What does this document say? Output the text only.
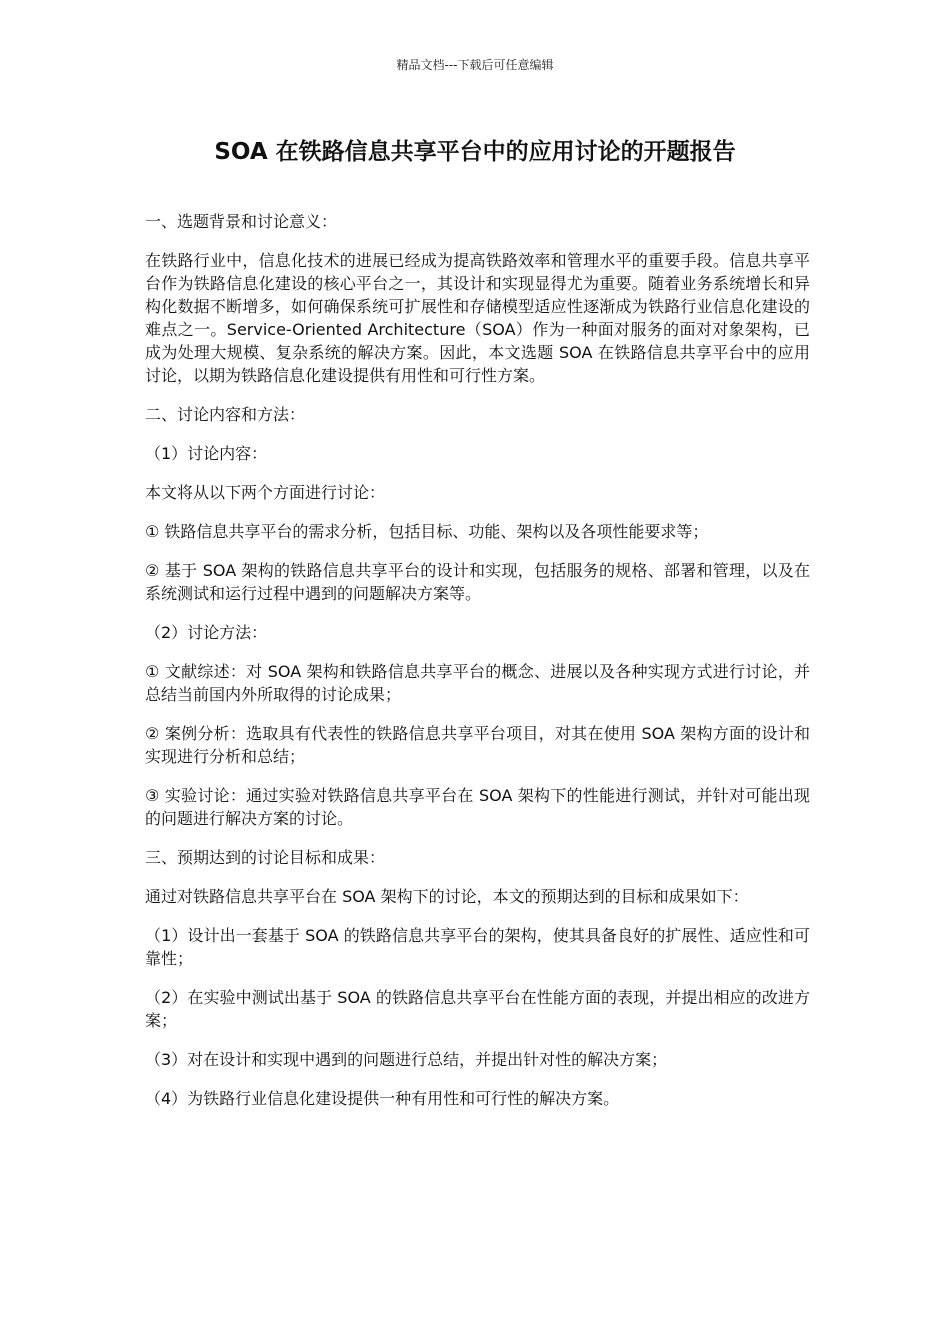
精品文档---下载后可任意编辑
SOA 在铁路信息共享平台中的应用讨论的开题报告

一、选题背景和讨论意义：

在铁路行业中，信息化技术的进展已经成为提高铁路效率和管理水平的重要手段。信息共享平台作为铁路信息化建设的核心平台之一，其设计和实现显得尤为重要。随着业务系统增长和异构化数据不断增多，如何确保系统可扩展性和存储模型适应性逐渐成为铁路行业信息化建设的难点之一。Service-Oriented Architecture（SOA）作为一种面对服务的面对对象架构，已成为处理大规模、复杂系统的解决方案。因此，本文选题 SOA 在铁路信息共享平台中的应用讨论，以期为铁路信息化建设提供有用性和可行性方案。

二、讨论内容和方法：

（1）讨论内容：

本文将从以下两个方面进行讨论：

① 铁路信息共享平台的需求分析，包括目标、功能、架构以及各项性能要求等；

② 基于 SOA 架构的铁路信息共享平台的设计和实现，包括服务的规格、部署和管理，以及在系统测试和运行过程中遇到的问题解决方案等。

（2）讨论方法：

① 文献综述：对 SOA 架构和铁路信息共享平台的概念、进展以及各种实现方式进行讨论，并总结当前国内外所取得的讨论成果；

② 案例分析：选取具有代表性的铁路信息共享平台项目，对其在使用 SOA 架构方面的设计和实现进行分析和总结；

③ 实验讨论：通过实验对铁路信息共享平台在 SOA 架构下的性能进行测试，并针对可能出现的问题进行解决方案的讨论。

三、预期达到的讨论目标和成果：

通过对铁路信息共享平台在 SOA 架构下的讨论，本文的预期达到的目标和成果如下：

（1）设计出一套基于 SOA 的铁路信息共享平台的架构，使其具备良好的扩展性、适应性和可靠性；

（2）在实验中测试出基于 SOA 的铁路信息共享平台在性能方面的表现，并提出相应的改进方案；

（3）对在设计和实现中遇到的问题进行总结，并提出针对性的解决方案；

（4）为铁路行业信息化建设提供一种有用性和可行性的解决方案。
